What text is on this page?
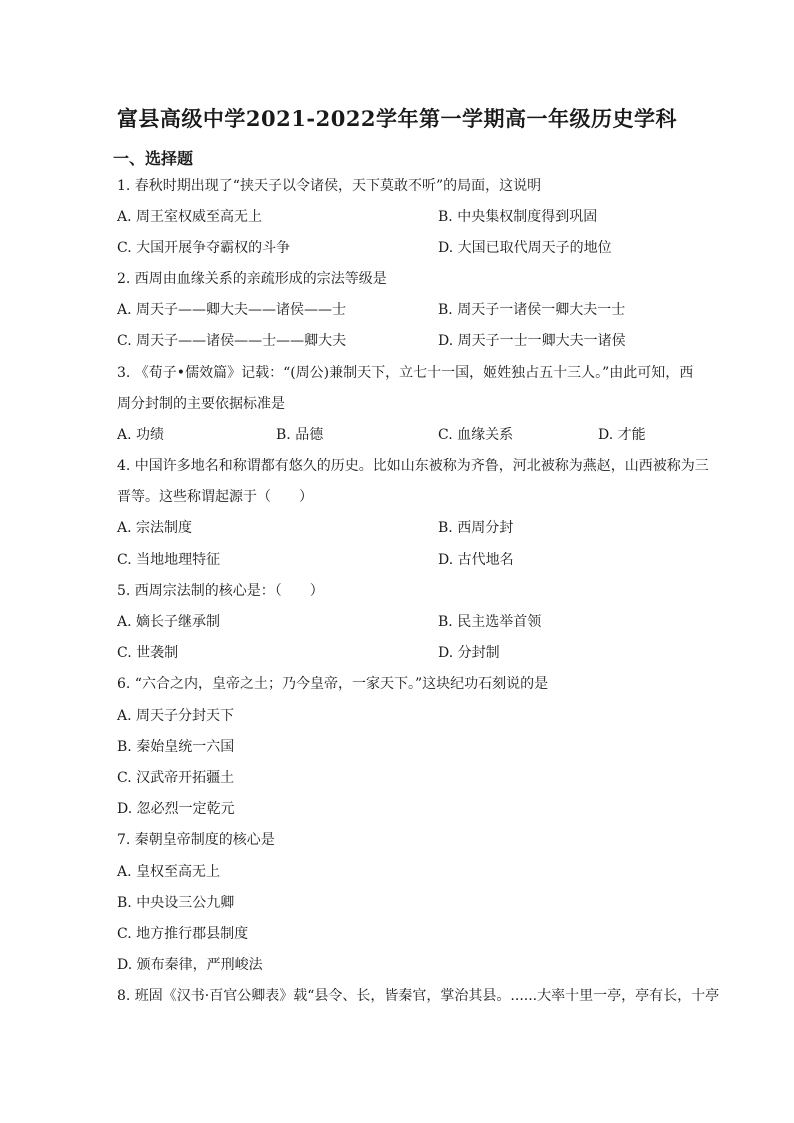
富县高级中学2021-2022学年第一学期高一年级历史学科
一、选择题
1. 春秋时期出现了“挟天子以令诸侯，天下莫敢不听”的局面，这说明
A. 周王室权威至高无上	B. 中央集权制度得到巩固
C. 大国开展争夺霸权的斗争	D. 大国已取代周天子的地位
2. 西周由血缘关系的亲疏形成的宗法等级是
A. 周天子——卿大夫——诸侯——士	B. 周天子一诸侯一卿大夫一士
C. 周天子——诸侯——士——卿大夫	D. 周天子一士一卿大夫一诸侯
3. 《荀子•儒效篇》记载：“(周公)兼制天下，立七十一国，姬姓独占五十三人。”由此可知，西
周分封制的主要依据标准是
A. 功绩	B. 品德	C. 血缘关系	D. 才能
4. 中国许多地名和称谓都有悠久的历史。比如山东被称为齐鲁，河北被称为燕赵，山西被称为三
晋等。这些称谓起源于（　　）
A. 宗法制度	B. 西周分封
C. 当地地理特征	D. 古代地名
5. 西周宗法制的核心是：（　　）
A. 嫡长子继承制	B. 民主选举首领
C. 世袭制	D. 分封制
6. “六合之内，皇帝之土；乃今皇帝，一家天下。”这块纪功石刻说的是
A. 周天子分封天下
B. 秦始皇统一六国
C. 汉武帝开拓疆土
D. 忽必烈一定乾元
7. 秦朝皇帝制度的核心是
A. 皇权至高无上
B. 中央设三公九卿
C. 地方推行郡县制度
D. 颁布秦律，严刑峻法
8. 班固《汉书·百官公卿表》载“县令、长，皆秦官，掌治其县。......大率十里一亭，亭有长，十亭
